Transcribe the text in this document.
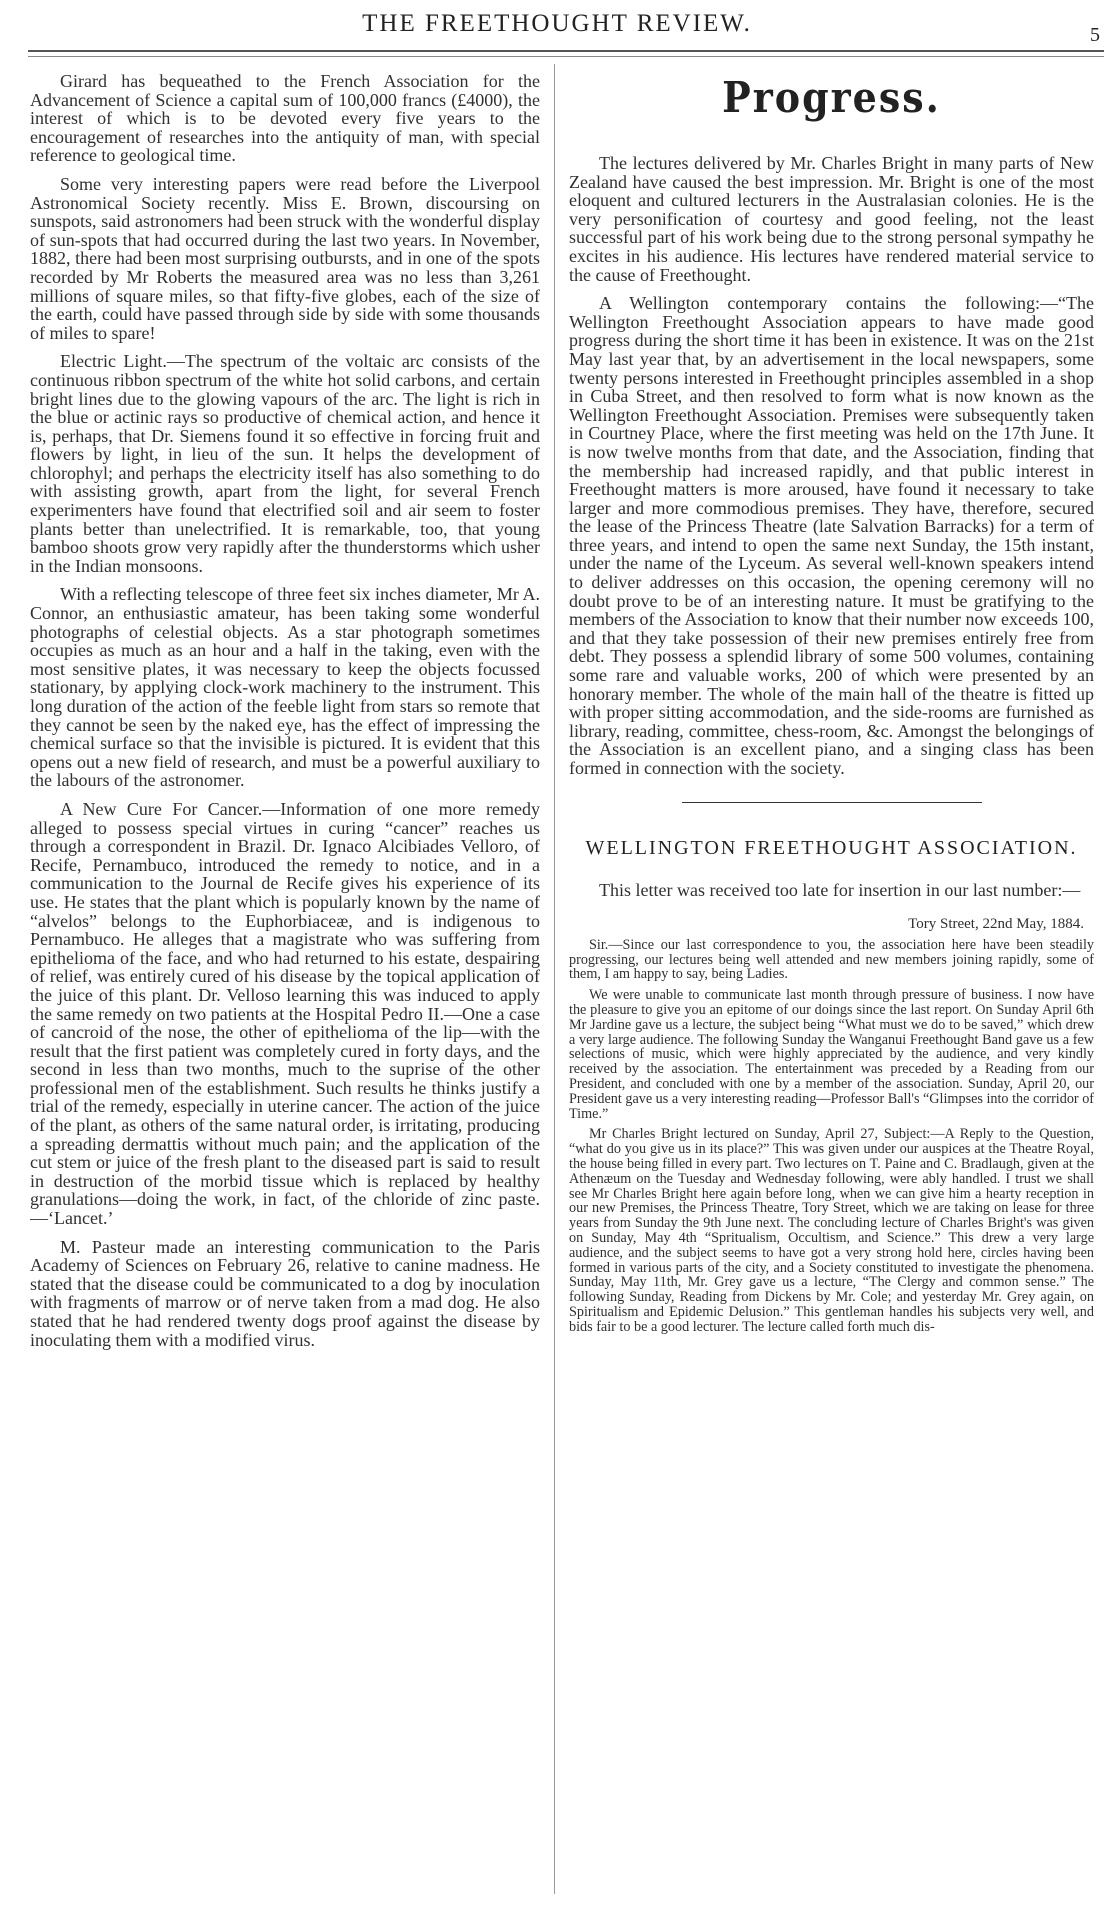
THE FREETHOUGHT REVIEW.	5

Girard has bequeathed to the French Association for the Advancement of Science a capital sum of 100,000 francs (£4000), the interest of which is to be devoted every five years to the encouragement of researches into the antiquity of man, with special reference to geological time.

Some very interesting papers were read before the Liverpool Astronomical Society recently. Miss E. Brown, discoursing on sunspots, said astronomers had been struck with the wonderful display of sun-spots that had occurred during the last two years. In November, 1882, there had been most surprising outbursts, and in one of the spots recorded by Mr Roberts the measured area was no less than 3,261 millions of square miles, so that fifty-five globes, each of the size of the earth, could have passed through side by side with some thousands of miles to spare!

Electric Light.—The spectrum of the voltaic arc consists of the continuous ribbon spectrum of the white hot solid carbons, and certain bright lines due to the glowing vapours of the arc. The light is rich in the blue or actinic rays so productive of chemical action, and hence it is, perhaps, that Dr. Siemens found it so effective in forcing fruit and flowers by light, in lieu of the sun. It helps the development of chlorophyl; and perhaps the electricity itself has also something to do with assisting growth, apart from the light, for several French experimenters have found that electrified soil and air seem to foster plants better than unelectrified. It is remarkable, too, that young bamboo shoots grow very rapidly after the thunderstorms which usher in the Indian monsoons.

With a reflecting telescope of three feet six inches diameter, Mr A. Connor, an enthusiastic amateur, has been taking some wonderful photographs of celestial objects. As a star photograph sometimes occupies as much as an hour and a half in the taking, even with the most sensitive plates, it was necessary to keep the objects focussed stationary, by applying clock-work machinery to the instrument. This long duration of the action of the feeble light from stars so remote that they cannot be seen by the naked eye, has the effect of impressing the chemical surface so that the invisible is pictured. It is evident that this opens out a new field of research, and must be a powerful auxiliary to the labours of the astronomer.

A New Cure For Cancer.—Information of one more remedy alleged to possess special virtues in curing “cancer” reaches us through a correspondent in Brazil. Dr. Ignaco Alcibiades Velloro, of Recife, Pernambuco, introduced the remedy to notice, and in a communication to the Journal de Recife gives his experience of its use. He states that the plant which is popularly known by the name of “alvelos” belongs to the Euphorbiaceæ, and is indigenous to Pernambuco. He alleges that a magistrate who was suffering from epithelioma of the face, and who had returned to his estate, despairing of relief, was entirely cured of his disease by the topical application of the juice of this plant. Dr. Velloso learning this was induced to apply the same remedy on two patients at the Hospital Pedro II.—One a case of cancroid of the nose, the other of epithelioma of the lip—with the result that the first patient was completely cured in forty days, and the second in less than two months, much to the suprise of the other professional men of the establishment. Such results he thinks justify a trial of the remedy, especially in uterine cancer. The action of the juice of the plant, as others of the same natural order, is irritating, producing a spreading dermattis without much pain; and the application of the cut stem or juice of the fresh plant to the diseased part is said to result in destruction of the morbid tissue which is replaced by healthy granulations—doing the work, in fact, of the chloride of zinc paste.—‘Lancet.’

M. Pasteur made an interesting communication to the Paris Academy of Sciences on February 26, relative to canine madness. He stated that the disease could be communicated to a dog by inoculation with fragments of marrow or of nerve taken from a mad dog. He also stated that he had rendered twenty dogs proof against the disease by inoculating them with a modified virus.

Progress.

The lectures delivered by Mr. Charles Bright in many parts of New Zealand have caused the best impression. Mr. Bright is one of the most eloquent and cultured lecturers in the Australasian colonies. He is the very personification of courtesy and good feeling, not the least successful part of his work being due to the strong personal sympathy he excites in his audience. His lectures have rendered material service to the cause of Freethought.

A Wellington contemporary contains the following:—“The Wellington Freethought Association appears to have made good progress during the short time it has been in existence. It was on the 21st May last year that, by an advertisement in the local newspapers, some twenty persons interested in Freethought principles assembled in a shop in Cuba Street, and then resolved to form what is now known as the Wellington Freethought Association. Premises were subsequently taken in Courtney Place, where the first meeting was held on the 17th June. It is now twelve months from that date, and the Association, finding that the membership had increased rapidly, and that public interest in Freethought matters is more aroused, have found it necessary to take larger and more commodious premises. They have, therefore, secured the lease of the Princess Theatre (late Salvation Barracks) for a term of three years, and intend to open the same next Sunday, the 15th instant, under the name of the Lyceum. As several well-known speakers intend to deliver addresses on this occasion, the opening ceremony will no doubt prove to be of an interesting nature. It must be gratifying to the members of the Association to know that their number now exceeds 100, and that they take possession of their new premises entirely free from debt. They possess a splendid library of some 500 volumes, containing some rare and valuable works, 200 of which were presented by an honorary member. The whole of the main hall of the theatre is fitted up with proper sitting accommodation, and the side-rooms are furnished as library, reading, committee, chess-room, &c. Amongst the belongings of the Association is an excellent piano, and a singing class has been formed in connection with the society.

WELLINGTON FREETHOUGHT ASSOCIATION.

This letter was received too late for insertion in our last number:—

Tory Street, 22nd May, 1884.

Sir.—Since our last correspondence to you, the association here have been steadily progressing, our lectures being well attended and new members joining rapidly, some of them, I am happy to say, being Ladies.

We were unable to communicate last month through pressure of business. I now have the pleasure to give you an epitome of our doings since the last report. On Sunday April 6th Mr Jardine gave us a lecture, the subject being “What must we do to be saved,” which drew a very large audience. The following Sunday the Wanganui Freethought Band gave us a few selections of music, which were highly appreciated by the audience, and very kindly received by the association. The entertainment was preceded by a Reading from our President, and concluded with one by a member of the association. Sunday, April 20, our President gave us a very interesting reading—Professor Ball's “Glimpses into the corridor of Time.”

Mr Charles Bright lectured on Sunday, April 27, Subject:—A Reply to the Question, “what do you give us in its place?” This was given under our auspices at the Theatre Royal, the house being filled in every part. Two lectures on T. Paine and C. Bradlaugh, given at the Athenæum on the Tuesday and Wednesday following, were ably handled. I trust we shall see Mr Charles Bright here again before long, when we can give him a hearty reception in our new Premises, the Princess Theatre, Tory Street, which we are taking on lease for three years from Sunday the 9th June next. The concluding lecture of Charles Bright's was given on Sunday, May 4th “Spritualism, Occultism, and Science.” This drew a very large audience, and the subject seems to have got a very strong hold here, circles having been formed in various parts of the city, and a Society constituted to investigate the phenomena. Sunday, May 11th, Mr. Grey gave us a lecture, “The Clergy and common sense.” The following Sunday, Reading from Dickens by Mr. Cole; and yesterday Mr. Grey again, on Spiritualism and Epidemic Delusion.” This gentleman handles his subjects very well, and bids fair to be a good lecturer. The lecture called forth much dis-
